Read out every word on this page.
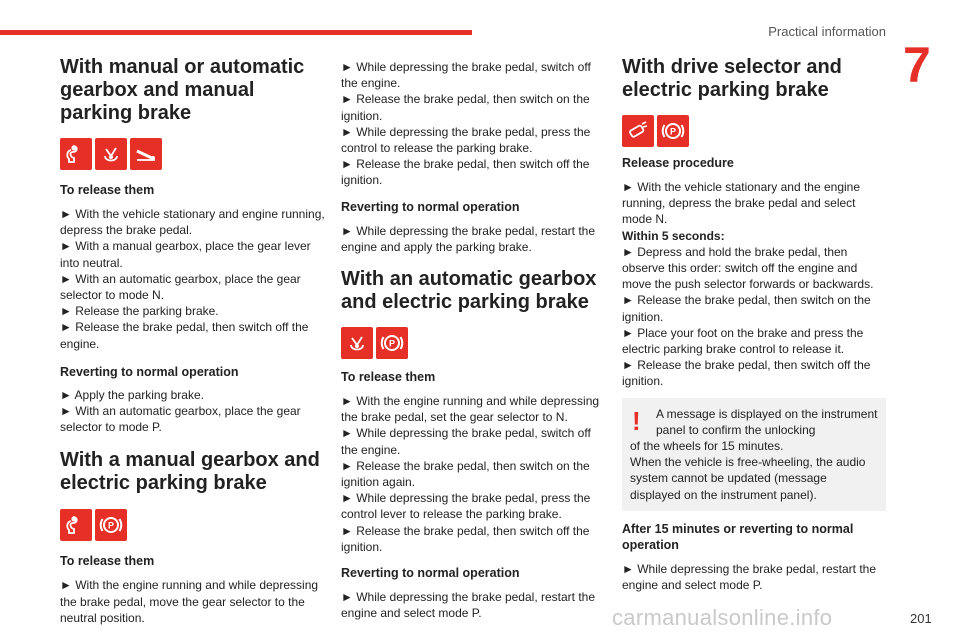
Practical information
7
With manual or automatic gearbox and manual parking brake
To release them

► With the vehicle stationary and engine running, depress the brake pedal.
► With a manual gearbox, place the gear lever into neutral.
► With an automatic gearbox, place the gear selector to mode N.
► Release the parking brake.
► Release the brake pedal, then switch off the engine.

Reverting to normal operation

► Apply the parking brake.
► With an automatic gearbox, place the gear selector to mode P.

With a manual gearbox and electric parking brake
P
To release them

► With the engine running and while depressing the brake pedal, move the gear selector to the neutral position.

► While depressing the brake pedal, switch off the engine.
► Release the brake pedal, then switch on the ignition.
► While depressing the brake pedal, press the control to release the parking brake.
► Release the brake pedal, then switch off the ignition.

Reverting to normal operation

► While depressing the brake pedal, restart the engine and apply the parking brake.

With an automatic gearbox and electric parking brake
P
To release them

► With the engine running and while depressing the brake pedal, set the gear selector to N.
► While depressing the brake pedal, switch off the engine.
► Release the brake pedal, then switch on the ignition again.
► While depressing the brake pedal, press the control lever to release the parking brake.
► Release the brake pedal, then switch off the ignition.

Reverting to normal operation

► While depressing the brake pedal, restart the engine and select mode P.

With drive selector and electric parking brake
P
Release procedure

► With the vehicle stationary and the engine running, depress the brake pedal and select mode N.

Within 5 seconds:

► Depress and hold the brake pedal, then observe this order: switch off the engine and move the push selector forwards or backwards.
► Release the brake pedal, then switch on the ignition.
► Place your foot on the brake and press the electric parking brake control to release it.
► Release the brake pedal, then switch off the ignition.

!	A message is displayed on the instrument panel to confirm the unlocking

of the wheels for 15 minutes.
When the vehicle is free-wheeling, the audio system cannot be updated (message displayed on the instrument panel).

After 15 minutes or reverting to normal operation

► While depressing the brake pedal, restart the engine and select mode P.

carmanualsonline.info	201
